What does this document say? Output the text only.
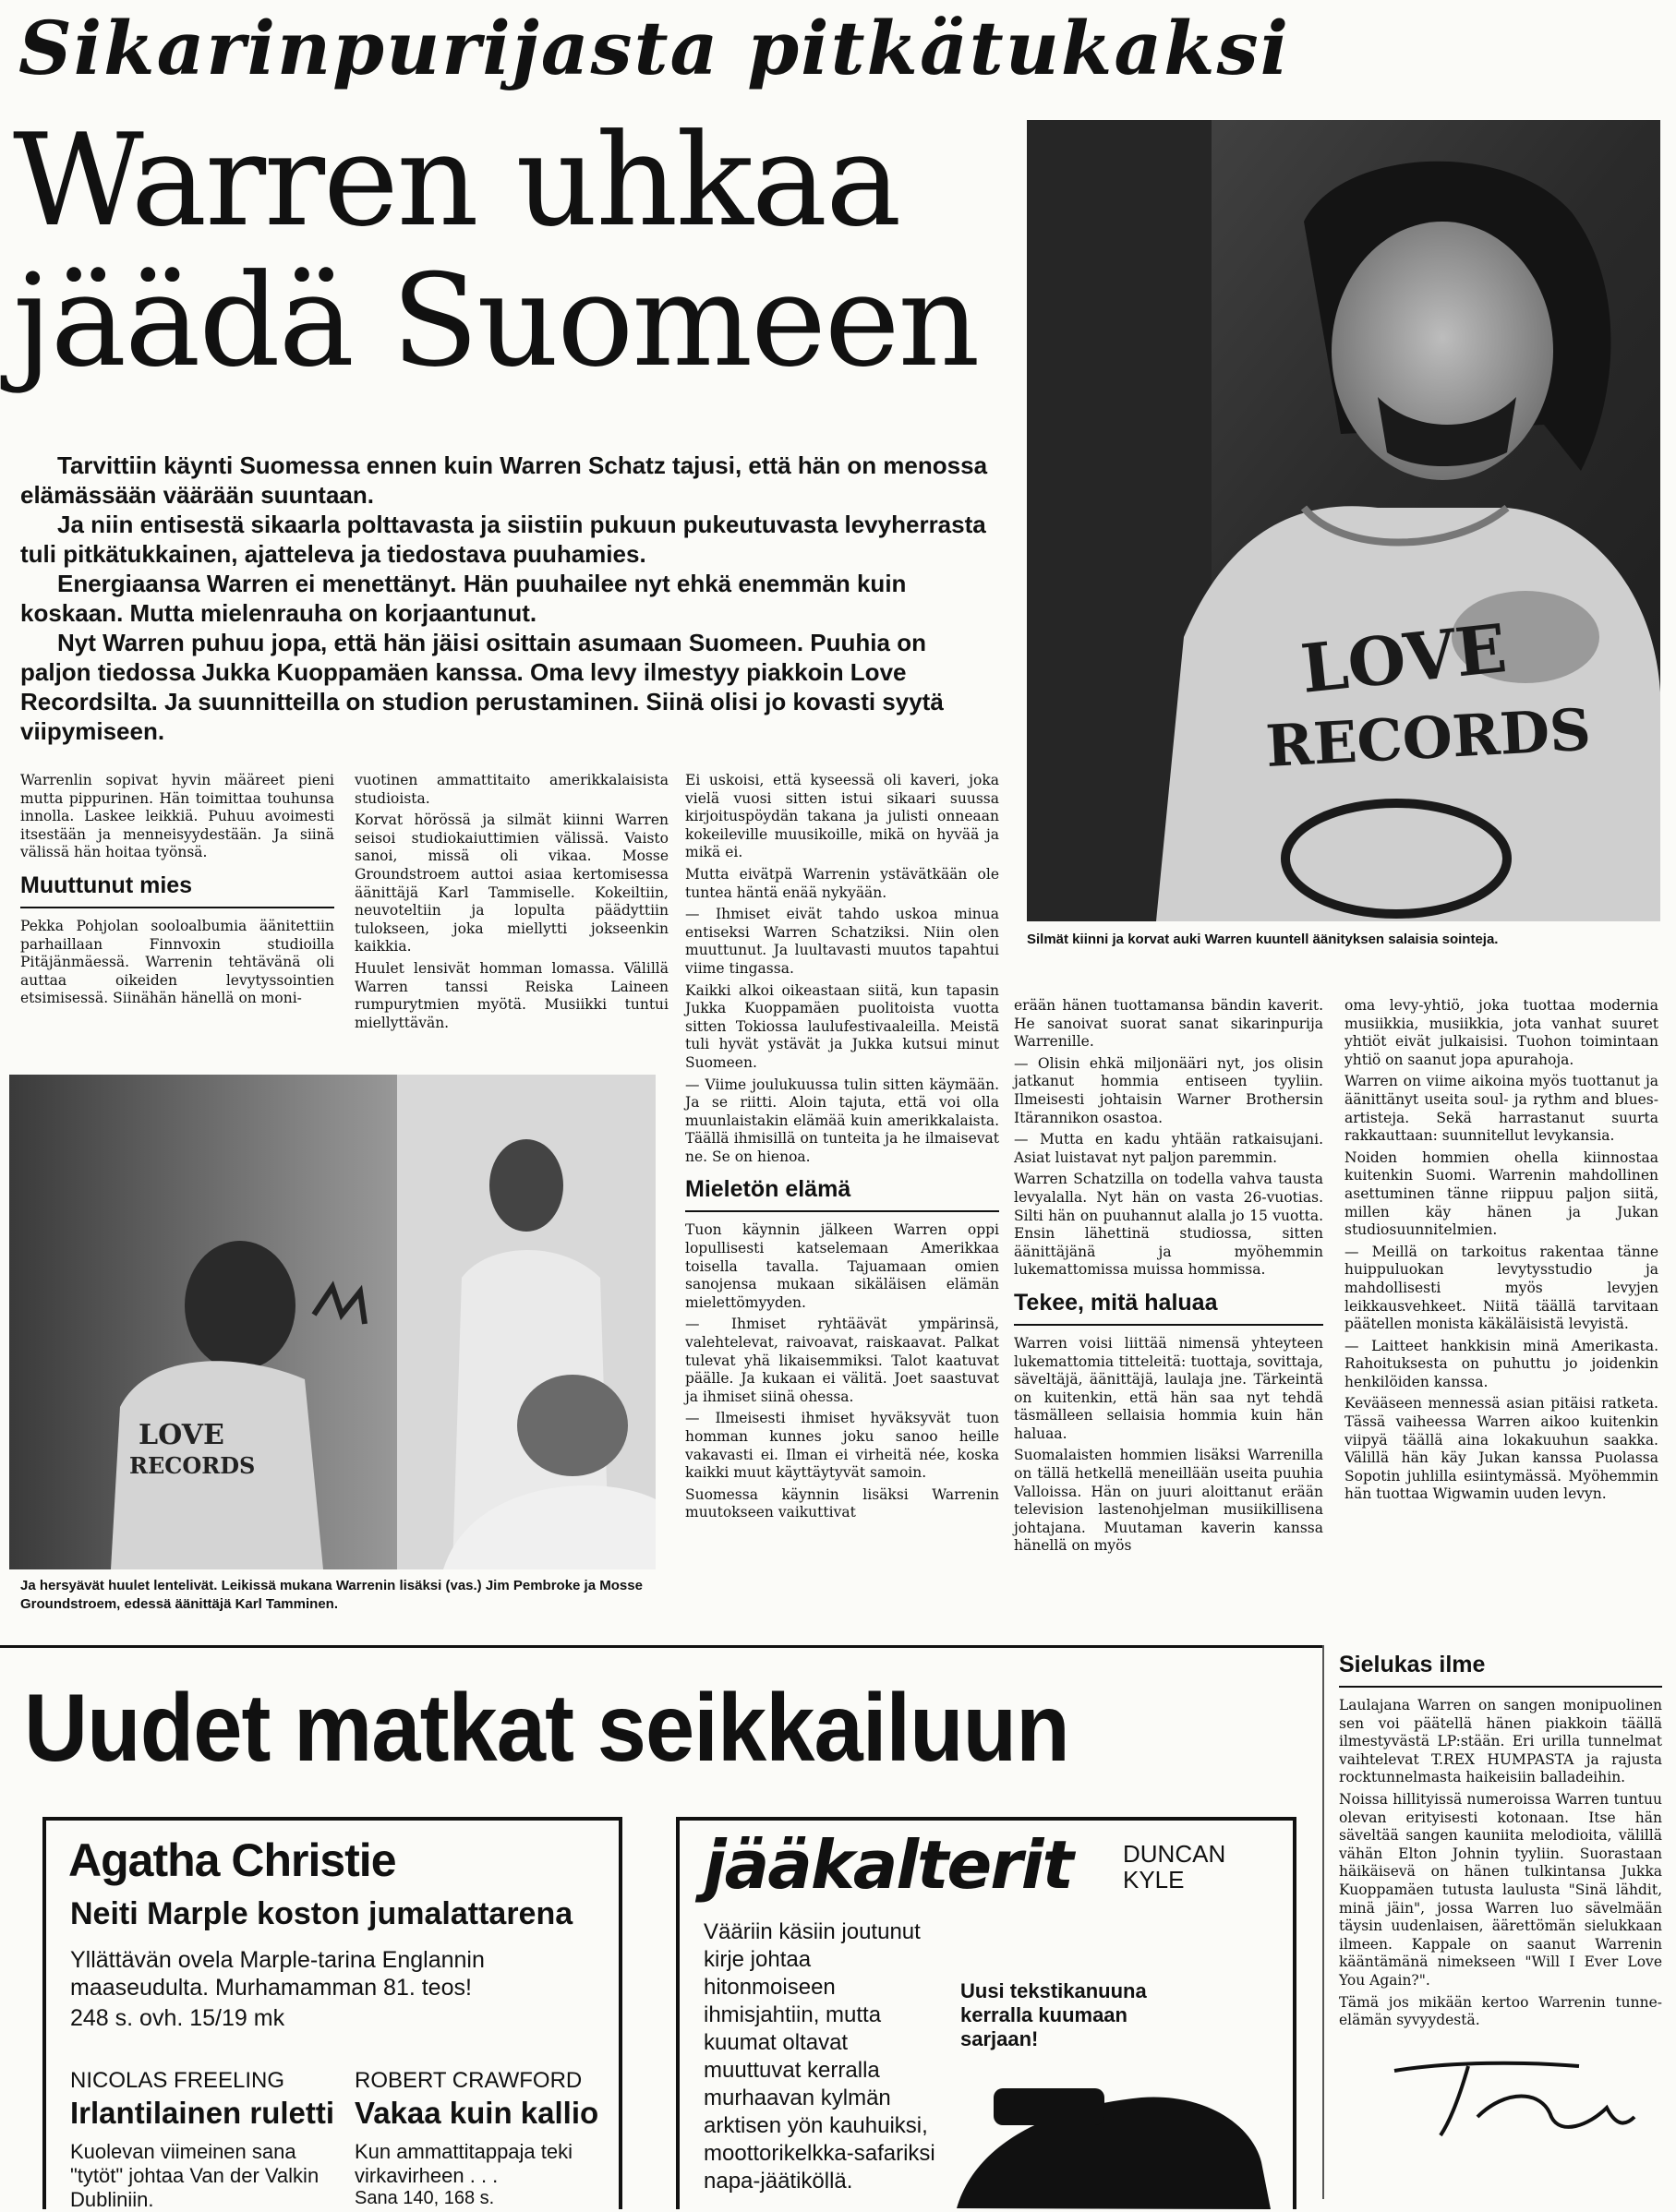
Sikarinpurijasta pitkätukaksi
Warren uhkaa
jäädä Suomeen

Tarvittiin käynti Suomessa ennen kuin Warren Schatz tajusi, että hän on menossa elämässään väärään suuntaan.

Ja niin entisestä sikaarla polttavasta ja siistiin pukuun pukeutuvasta levyherrasta tuli pitkätukkainen, ajatteleva ja tiedostava puuhamies.

Energiaansa Warren ei menettänyt. Hän puuhailee nyt ehkä enemmän kuin koskaan. Mutta mielenrauha on korjaantunut.

Nyt Warren puhuu jopa, että hän jäisi osittain asumaan Suomeen. Puuhia on paljon tiedossa Jukka Kuoppamäen kanssa. Oma levy ilmestyy piakkoin Love Recordsilta. Ja suunnitteilla on studion perustaminen. Siinä olisi jo kovasti syytä viipymiseen.

LOVE
RECORDS
Silmät kiinni ja korvat auki Warren kuuntell äänityksen salaisia sointeja.

Warrenlin sopivat hyvin määreet pieni mutta pippurinen. Hän toimittaa touhunsa innolla. Laskee leikkiä. Puhuu avoimesti itsestään ja menneisyydestään. Ja siinä välissä hän hoitaa työnsä.

Muuttunut mies

Pekka Pohjolan sooloalbumia äänitettiin parhaillaan Finnvoxin studioilla Pitäjänmäessä. Warrenin tehtävänä oli auttaa oikeiden levytyssointien etsimisessä. Siinähän hänellä on moni-

vuotinen ammattitaito amerikkalaisista studioista.

Korvat hörössä ja silmät kiinni Warren seisoi studiokaiuttimien välissä. Vaisto sanoi, missä oli vikaa. Mosse Groundstroem auttoi asiaa kertomisessa äänittäjä Karl Tammiselle. Kokeiltiin, neuvoteltiin ja lopulta päädyttiin tulokseen, joka miellytti jokseenkin kaikkia.

Huulet lensivät homman lomassa. Välillä Warren tanssi Reiska Laineen rumpurytmien myötä. Musiikki tuntui miellyttävän.

Ei uskoisi, että kyseessä oli kaveri, joka vielä vuosi sitten istui sikaari suussa kirjoituspöydän takana ja julisti onneaan kokeileville muusikoille, mikä on hyvää ja mikä ei.

Mutta eivätpä Warrenin ystävätkään ole tuntea häntä enää nykyään.

— Ihmiset eivät tahdo uskoa minua entiseksi Warren Schatziksi. Niin olen muuttunut. Ja luultavasti muutos tapahtui viime tingassa.

Kaikki alkoi oikeastaan siitä, kun tapasin Jukka Kuoppamäen puolitoista vuotta sitten Tokiossa laulufestivaaleilla. Meistä tuli hyvät ystävät ja Jukka kutsui minut Suomeen.

— Viime joulukuussa tulin sitten käymään. Ja se riitti. Aloin tajuta, että voi olla muunlaistakin elämää kuin amerikkalaista. Täällä ihmisillä on tunteita ja he ilmaisevat ne. Se on hienoa.

Mieletön elämä

Tuon käynnin jälkeen Warren oppi lopullisesti katselemaan Amerikkaa toisella tavalla. Tajuamaan omien sanojensa mukaan sikäläisen elämän mielettömyyden.

— Ihmiset ryhtäävät ympärinsä, valehtelevat, raivoavat, raiskaavat. Palkat tulevat yhä likaisemmiksi. Talot kaatuvat päälle. Ja kukaan ei välitä. Joet saastuvat ja ihmiset siinä ohessa.

— Ilmeisesti ihmiset hyväksyvät tuon homman kunnes joku sanoo heille vakavasti ei. Ilman ei virheitä née, koska kaikki muut käyttäytyvät samoin.

Suomessa käynnin lisäksi Warrenin muutokseen vaikuttivat

erään hänen tuottamansa bändin kaverit. He sanoivat suorat sanat sikarinpurija Warrenille.

— Olisin ehkä miljonääri nyt, jos olisin jatkanut hommia entiseen tyyliin. Ilmeisesti johtaisin Warner Brothersin Itärannikon osastoa.

— Mutta en kadu yhtään ratkaisujani. Asiat luistavat nyt paljon paremmin.

Warren Schatzilla on todella vahva tausta levyalalla. Nyt hän on vasta 26-vuotias. Silti hän on puuhannut alalla jo 15 vuotta. Ensin lähettinä studiossa, sitten äänittäjänä ja myöhemmin lukemattomissa muissa hommissa.

Tekee, mitä haluaa

Warren voisi liittää nimensä yhteyteen lukemattomia titteleitä: tuottaja, sovittaja, säveltäjä, äänittäjä, laulaja jne. Tärkeintä on kuitenkin, että hän saa nyt tehdä täsmälleen sellaisia hommia kuin hän haluaa.

Suomalaisten hommien lisäksi Warrenilla on tällä hetkellä meneillään useita puuhia Valloissa. Hän on juuri aloittanut erään television lastenohjelman musiikillisena johtajana. Muutaman kaverin kanssa hänellä on myös

oma levy-yhtiö, joka tuottaa modernia musiikkia, musiikkia, jota vanhat suuret yhtiöt eivät julkaisisi. Tuohon toimintaan yhtiö on saanut jopa apurahoja.

Warren on viime aikoina myös tuottanut ja äänittänyt useita soul- ja rythm and blues-artisteja. Sekä harrastanut suurta rakkauttaan: suunnitellut levykansia.

Noiden hommien ohella kiinnostaa kuitenkin Suomi. Warrenin mahdollinen asettuminen tänne riippuu paljon siitä, millen käy hänen ja Jukan studiosuunnitelmien.

— Meillä on tarkoitus rakentaa tänne huippuluokan levytysstudio ja mahdollisesti myös levyjen leikkausvehkeet. Niitä täällä tarvitaan päätellen monista käkäläisistä levyistä.

— Laitteet hankkisin minä Amerikasta. Rahoituksesta on puhuttu jo joidenkin henkilöiden kanssa.

Kevääseen mennessä asian pitäisi ratketa. Tässä vaiheessa Warren aikoo kuitenkin viipyä täällä aina lokakuuhun saakka. Välillä hän käy Jukan kanssa Puolassa Sopotin juhlilla esiintymässä. Myöhemmin hän tuottaa Wigwamin uuden levyn.

LOVE
RECORDS
Ja hersyävät huulet lentelivät. Leikissä mukana Warrenin lisäksi (vas.) Jim Pembroke ja Mosse Groundstroem, edessä äänittäjä Karl Tamminen.
Sielukas ilme

Laulajana Warren on sangen monipuolinen sen voi päätellä hänen piakkoin täällä ilmestyvästä LP:stään. Eri urilla tunnelmat vaihtelevat T.REX HUMPASTA ja rajusta rocktunnelmasta haikeisiin balladeihin.

Noissa hillityissä numeroissa Warren tuntuu olevan erityisesti kotonaan. Itse hän säveltää sangen kauniita melodioita, välillä vähän Elton Johnin tyyliin. Suorastaan häikäisevä on hänen tulkintansa Jukka Kuoppamäen tutusta laulusta "Sinä lähdit, minä jäin", jossa Warren luo sävelmään täysin uudenlaisen, äärettömän sielukkaan ilmeen. Kappale on saanut Warrenin kääntämänä nimekseen "Will I Ever Love You Again?".

Tämä jos mikään kertoo Warrenin tunne-elämän syvyydestä.

Uudet matkat seikkailuun
Agatha Christie
Neiti Marple koston jumalattarena
Yllättävän ovela Marple-tarina Englannin maaseudulta. Murhamamman 81. teos!
248 s. ovh. 15/19 mk
NICOLAS FREELING
Irlantilainen ruletti
Kuolevan viimeinen sana "tytöt" johtaa Van der Valkin Dubliniin.
ROBERT CRAWFORD
Vakaa kuin kallio
Kun ammattitappaja teki virkavirheen . . .
Sana 140, 168 s.
jääkalterit DUNCAN
KYLE
Vääriin käsiin joutunut kirje johtaa hitonmoiseen ihmisjahtiin, mutta kuumat oltavat muuttuvat kerralla murhaavan kylmän arktisen yön kauhuiksi, moottorikelkka-safariksi napa-jäätiköllä.
Uusi tekstikanuuna kerralla kuumaan sarjaan!
